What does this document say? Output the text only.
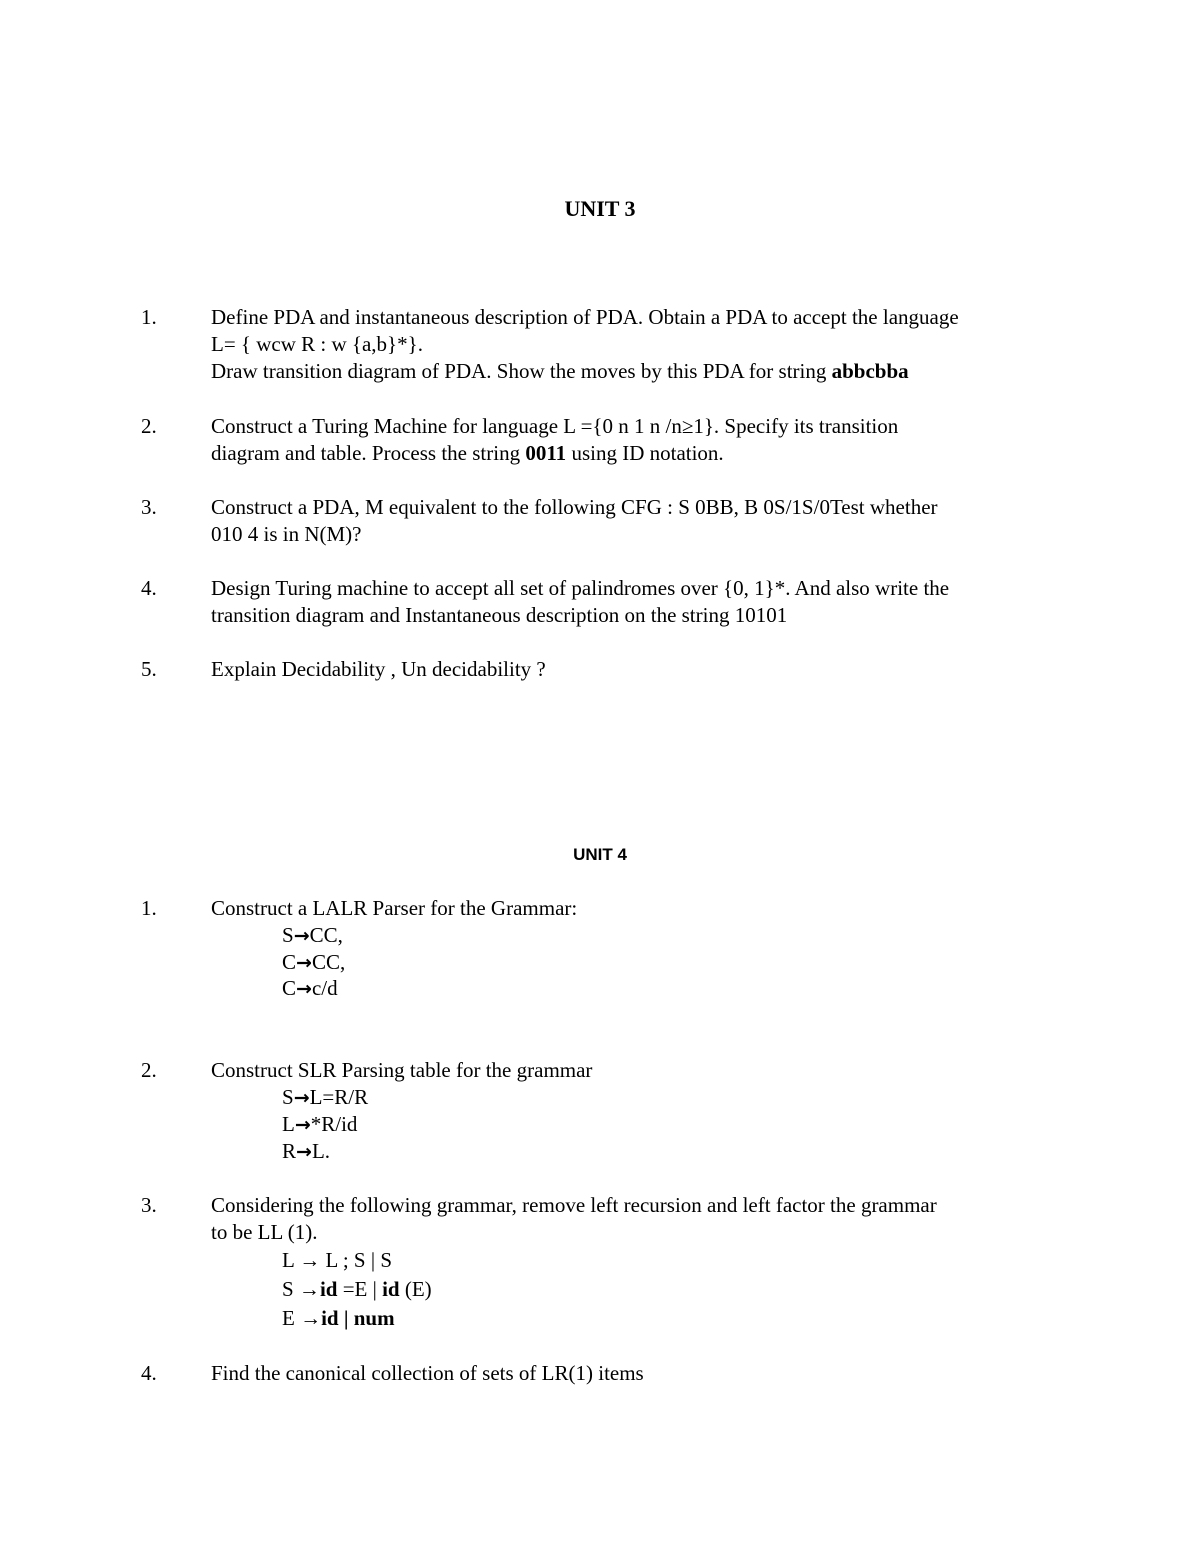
UNIT 3
1.	Define PDA and instantaneous description of PDA. Obtain a PDA to accept the language
L= { wcw R : w {a,b}*}.
Draw transition diagram of PDA. Show the moves by this PDA for string abbcbba
2.	Construct a Turing Machine for language L ={0 n 1 n /n≥1}. Specify its transition
diagram and table. Process the string 0011 using ID notation.
3.	Construct a PDA, M equivalent to the following CFG : S 0BB, B 0S/1S/0Test whether
010 4 is in N(M)?
4.	Design Turing machine to accept all set of palindromes over {0, 1}*. And also write the
transition diagram and Instantaneous description on the string 10101
5.	Explain Decidability , Un decidability ?
UNIT 4
1.	Construct a LALR Parser for the Grammar:
S→CC,
C→CC,
C→c/d
2.	Construct SLR Parsing table for the grammar
S→L=R/R
L→*R/id
R→L.
3.	Considering the following grammar, remove left recursion and left factor the grammar
to be LL (1).
L → L ; S | S
S →id =E | id (E)
E →id | num
4.	Find the canonical collection of sets of LR(1) items
